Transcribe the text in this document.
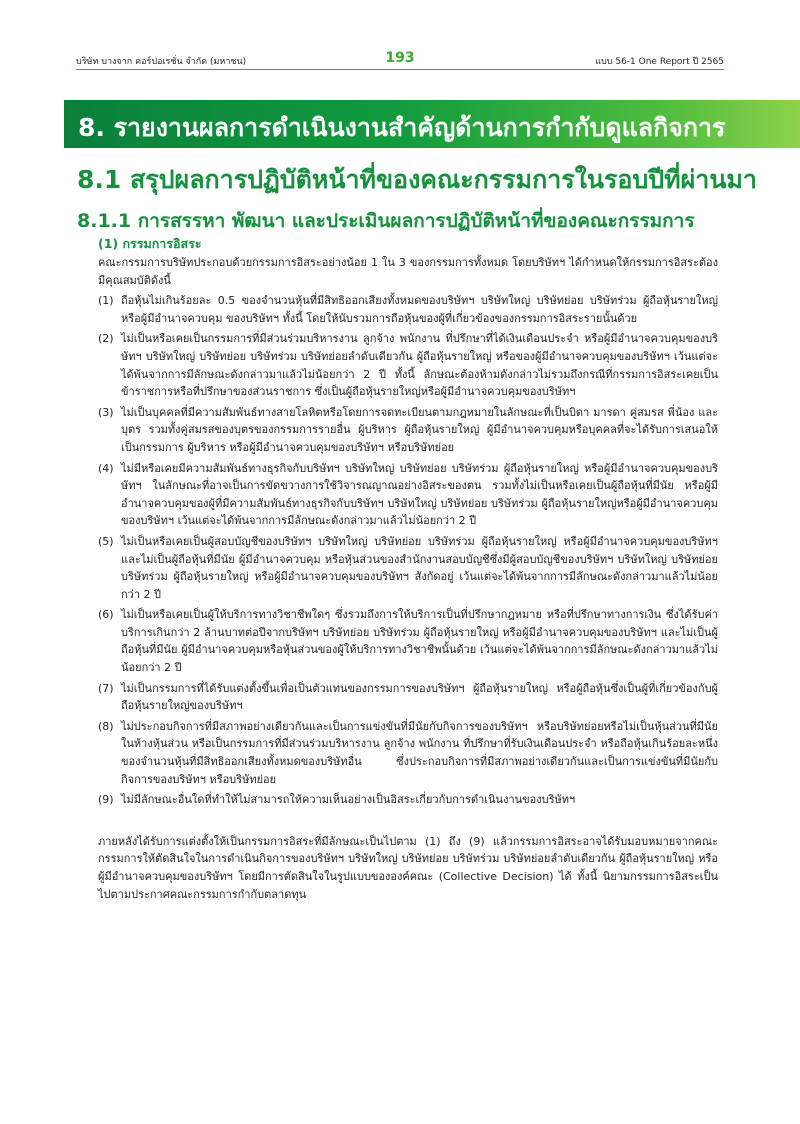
บริษัท บางจาก คอร์ปอเรชั่น จำกัด (มหาชน)	193	แบบ 56-1 One Report ปี 2565
8. รายงานผลการดำเนินงานสำคัญด้านการกำกับดูแลกิจการ
8.1 สรุปผลการปฏิบัติหน้าที่ของคณะกรรมการในรอบปีที่ผ่านมา
8.1.1 การสรรหา พัฒนา และประเมินผลการปฏิบัติหน้าที่ของคณะกรรมการ
(1) กรรมการอิสระ

คณะกรรมการบริษัทประกอบด้วยกรรมการอิสระอย่างน้อย 1 ใน 3 ของกรรมการทั้งหมด โดยบริษัทฯ ได้กำหนดให้กรรมการอิสระต้องมีคุณสมบัติดังนี้

(1) ถือหุ้นไม่เกินร้อยละ 0.5 ของจำนวนหุ้นที่มีสิทธิออกเสียงทั้งหมดของบริษัทฯ บริษัทใหญ่ บริษัทย่อย บริษัทร่วม ผู้ถือหุ้นรายใหญ่ หรือผู้มีอำนาจควบคุม ของบริษัทฯ ทั้งนี้ โดยให้นับรวมการถือหุ้นของผู้ที่เกี่ยวข้องของกรรมการอิสระรายนั้นด้วย
(2) ไม่เป็นหรือเคยเป็นกรรมการที่มีส่วนร่วมบริหารงาน ลูกจ้าง พนักงาน ที่ปรึกษาที่ได้เงินเดือนประจำ หรือผู้มีอำนาจควบคุมของบริษัทฯ บริษัทใหญ่ บริษัทย่อย บริษัทร่วม บริษัทย่อยลำดับเดียวกัน ผู้ถือหุ้นรายใหญ่ หรือของผู้มีอำนาจควบคุมของบริษัทฯ เว้นแต่จะได้พ้นจากการมีลักษณะดังกล่าวมาแล้วไม่น้อยกว่า 2 ปี ทั้งนี้ ลักษณะต้องห้ามดังกล่าวไม่รวมถึงกรณีที่กรรมการอิสระเคยเป็นข้าราชการหรือที่ปรึกษาของส่วนราชการ ซึ่งเป็นผู้ถือหุ้นรายใหญ่หรือผู้มีอำนาจควบคุมของบริษัทฯ
(3) ไม่เป็นบุคคลที่มีความสัมพันธ์ทางสายโลหิตหรือโดยการจดทะเบียนตามกฎหมายในลักษณะที่เป็นบิดา มารดา คู่สมรส พี่น้อง และบุตร รวมทั้งคู่สมรสของบุตรของกรรมการรายอื่น ผู้บริหาร ผู้ถือหุ้นรายใหญ่ ผู้มีอำนาจควบคุมหรือบุคคลที่จะได้รับการเสนอให้เป็นกรรมการ ผู้บริหาร หรือผู้มีอำนาจควบคุมของบริษัทฯ หรือบริษัทย่อย
(4) ไม่มีหรือเคยมีความสัมพันธ์ทางธุรกิจกับบริษัทฯ บริษัทใหญ่ บริษัทย่อย บริษัทร่วม ผู้ถือหุ้นรายใหญ่ หรือผู้มีอำนาจควบคุมของบริษัทฯ ในลักษณะที่อาจเป็นการขัดขวางการใช้วิจารณญาณอย่างอิสระของตน รวมทั้งไม่เป็นหรือเคยเป็นผู้ถือหุ้นที่มีนัย หรือผู้มีอำนาจควบคุมของผู้ที่มีความสัมพันธ์ทางธุรกิจกับบริษัทฯ บริษัทใหญ่ บริษัทย่อย บริษัทร่วม ผู้ถือหุ้นรายใหญ่หรือผู้มีอำนาจควบคุมของบริษัทฯ เว้นแต่จะได้พ้นจากการมีลักษณะดังกล่าวมาแล้วไม่น้อยกว่า 2 ปี
(5) ไม่เป็นหรือเคยเป็นผู้สอบบัญชีของบริษัทฯ บริษัทใหญ่ บริษัทย่อย บริษัทร่วม ผู้ถือหุ้นรายใหญ่ หรือผู้มีอำนาจควบคุมของบริษัทฯ และไม่เป็นผู้ถือหุ้นที่มีนัย ผู้มีอำนาจควบคุม หรือหุ้นส่วนของสำนักงานสอบบัญชีซึ่งมีผู้สอบบัญชีของบริษัทฯ บริษัทใหญ่ บริษัทย่อย บริษัทร่วม ผู้ถือหุ้นรายใหญ่ หรือผู้มีอำนาจควบคุมของบริษัทฯ สังกัดอยู่ เว้นแต่จะได้พ้นจากการมีลักษณะดังกล่าวมาแล้วไม่น้อยกว่า 2 ปี
(6) ไม่เป็นหรือเคยเป็นผู้ให้บริการทางวิชาชีพใดๆ ซึ่งรวมถึงการให้บริการเป็นที่ปรึกษากฎหมาย หรือที่ปรึกษาทางการเงิน ซึ่งได้รับค่าบริการเกินกว่า 2 ล้านบาทต่อปีจากบริษัทฯ บริษัทย่อย บริษัทร่วม ผู้ถือหุ้นรายใหญ่ หรือผู้มีอำนาจควบคุมของบริษัทฯ และไม่เป็นผู้ถือหุ้นที่มีนัย ผู้มีอำนาจควบคุมหรือหุ้นส่วนของผู้ให้บริการทางวิชาชีพนั้นด้วย เว้นแต่จะได้พ้นจากการมีลักษณะดังกล่าวมาแล้วไม่น้อยกว่า 2 ปี
(7) ไม่เป็นกรรมการที่ได้รับแต่งตั้งขึ้นเพื่อเป็นตัวแทนของกรรมการของบริษัทฯ ผู้ถือหุ้นรายใหญ่ หรือผู้ถือหุ้นซึ่งเป็นผู้ที่เกี่ยวข้องกับผู้ถือหุ้นรายใหญ่ของบริษัทฯ
(8) ไม่ประกอบกิจการที่มีสภาพอย่างเดียวกันและเป็นการแข่งขันที่มีนัยกับกิจการของบริษัทฯ หรือบริษัทย่อยหรือไม่เป็นหุ้นส่วนที่มีนัยในห้างหุ้นส่วน หรือเป็นกรรมการที่มีส่วนร่วมบริหารงาน ลูกจ้าง พนักงาน ที่ปรึกษาที่รับเงินเดือนประจำ หรือถือหุ้นเกินร้อยละหนึ่งของจำนวนหุ้นที่มีสิทธิออกเสียงทั้งหมดของบริษัทอื่น ซึ่งประกอบกิจการที่มีสภาพอย่างเดียวกันและเป็นการแข่งขันที่มีนัยกับกิจการของบริษัทฯ หรือบริษัทย่อย
(9) ไม่มีลักษณะอื่นใดที่ทำให้ไม่สามารถให้ความเห็นอย่างเป็นอิสระเกี่ยวกับการดำเนินงานของบริษัทฯ

ภายหลังได้รับการแต่งตั้งให้เป็นกรรมการอิสระที่มีลักษณะเป็นไปตาม (1) ถึง (9) แล้วกรรมการอิสระอาจได้รับมอบหมายจากคณะกรรมการให้ตัดสินใจในการดำเนินกิจการของบริษัทฯ บริษัทใหญ่ บริษัทย่อย บริษัทร่วม บริษัทย่อยลำดับเดียวกัน ผู้ถือหุ้นรายใหญ่ หรือผู้มีอำนาจควบคุมของบริษัทฯ โดยมีการตัดสินใจในรูปแบบขององค์คณะ (Collective Decision) ได้ ทั้งนี้ นิยามกรรมการอิสระเป็นไปตามประกาศคณะกรรมการกำกับตลาดทุน
